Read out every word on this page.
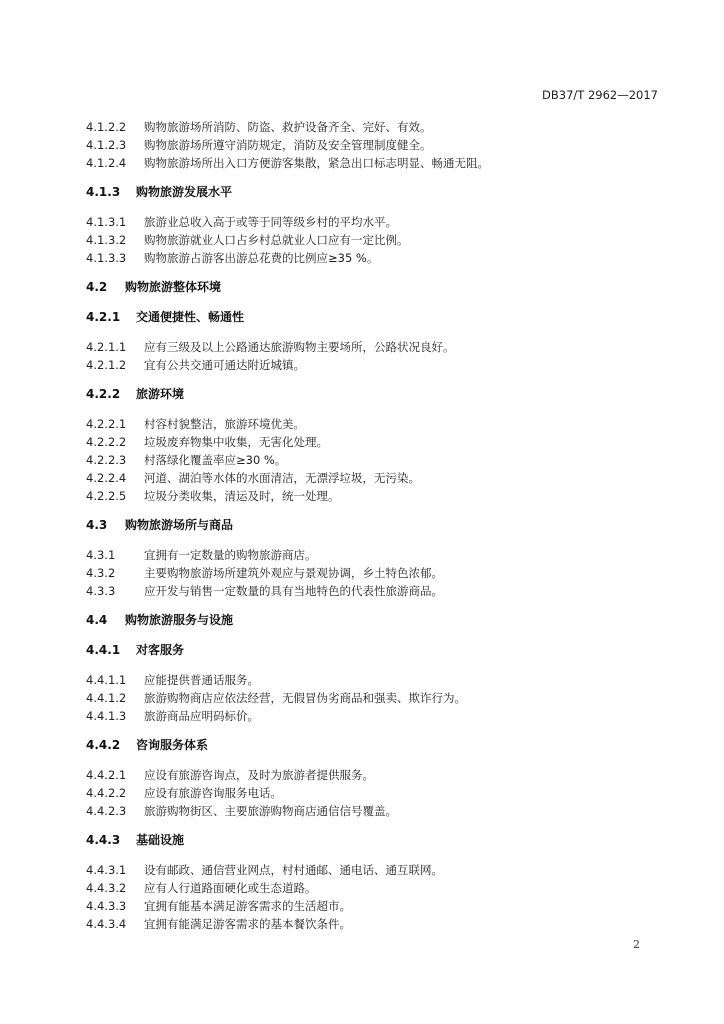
DB37/T 2962—2017
4.1.2.2 购物旅游场所消防、防盗、救护设备齐全、完好、有效。
4.1.2.3 购物旅游场所遵守消防规定，消防及安全管理制度健全。
4.1.2.4 购物旅游场所出入口方便游客集散，紧急出口标志明显、畅通无阻。
4.1.3 购物旅游发展水平
4.1.3.1 旅游业总收入高于或等于同等级乡村的平均水平。
4.1.3.2 购物旅游就业人口占乡村总就业人口应有一定比例。
4.1.3.3 购物旅游占游客出游总花费的比例应≥35 %。
4.2 购物旅游整体环境
4.2.1 交通便捷性、畅通性
4.2.1.1 应有三级及以上公路通达旅游购物主要场所，公路状况良好。
4.2.1.2 宜有公共交通可通达附近城镇。
4.2.2 旅游环境
4.2.2.1 村容村貌整洁，旅游环境优美。
4.2.2.2 垃圾废弃物集中收集，无害化处理。
4.2.2.3 村落绿化覆盖率应≥30 %。
4.2.2.4 河道、湖泊等水体的水面清洁，无漂浮垃圾，无污染。
4.2.2.5 垃圾分类收集，清运及时，统一处理。
4.3 购物旅游场所与商品
4.3.1 宜拥有一定数量的购物旅游商店。
4.3.2 主要购物旅游场所建筑外观应与景观协调，乡土特色浓郁。
4.3.3 应开发与销售一定数量的具有当地特色的代表性旅游商品。
4.4 购物旅游服务与设施
4.4.1 对客服务
4.4.1.1 应能提供普通话服务。
4.4.1.2 旅游购物商店应依法经营，无假冒伪劣商品和强卖、欺诈行为。
4.4.1.3 旅游商品应明码标价。
4.4.2 咨询服务体系
4.4.2.1 应设有旅游咨询点，及时为旅游者提供服务。
4.4.2.2 应设有旅游咨询服务电话。
4.4.2.3 旅游购物街区、主要旅游购物商店通信信号覆盖。
4.4.3 基础设施
4.4.3.1 设有邮政、通信营业网点，村村通邮、通电话、通互联网。
4.4.3.2 应有人行道路面硬化或生态道路。
4.4.3.3 宜拥有能基本满足游客需求的生活超市。
4.4.3.4 宜拥有能满足游客需求的基本餐饮条件。
2
